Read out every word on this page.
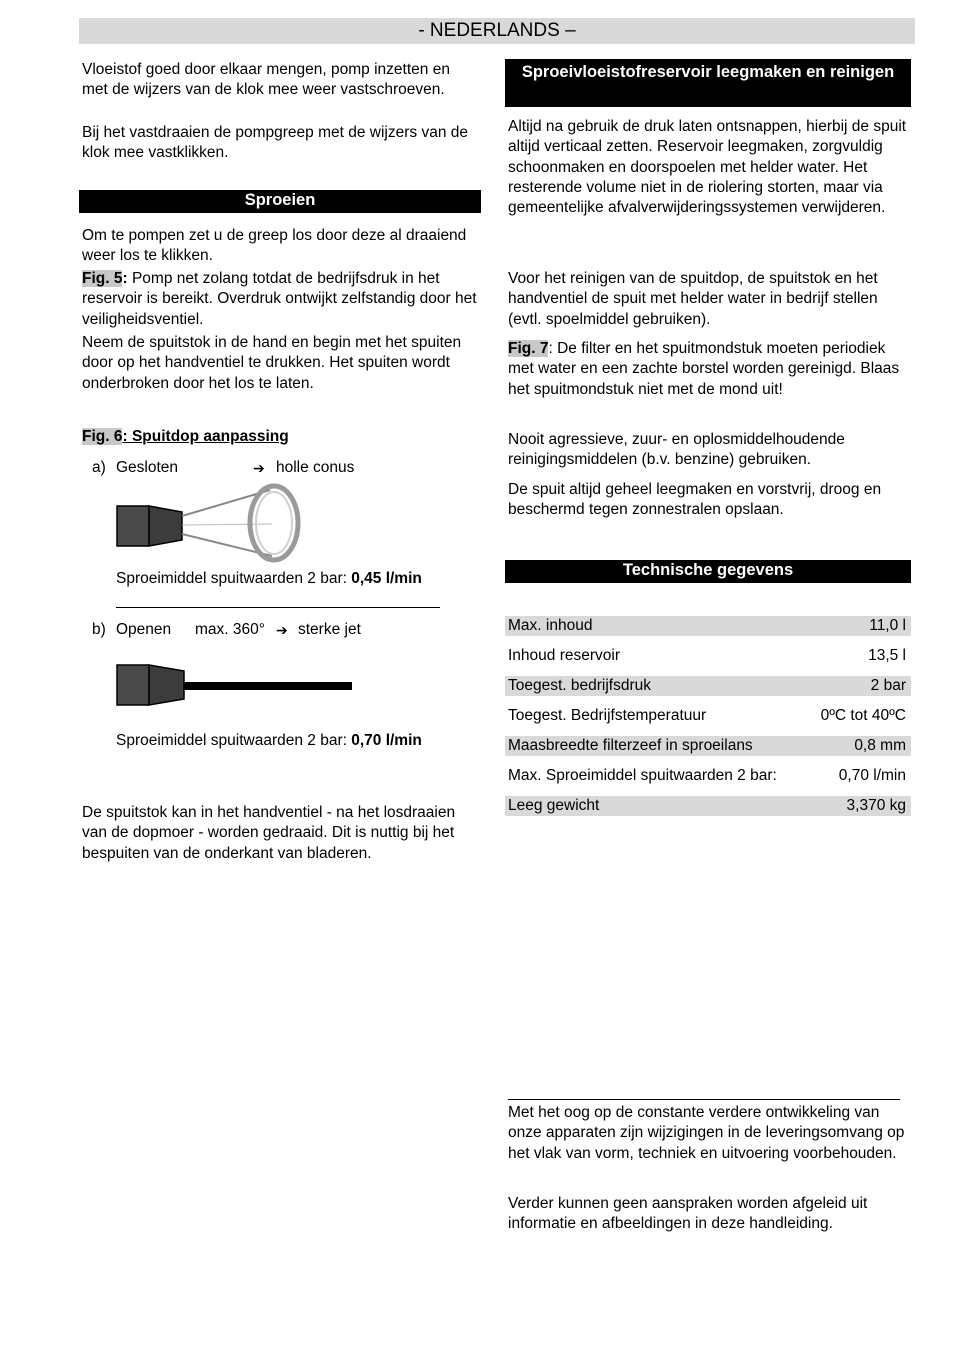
- NEDERLANDS –

Vloeistof goed door elkaar mengen, pomp inzetten en met de wijzers van de klok mee weer vastschroeven.

Bij het vastdraaien de pompgreep met de wijzers van de klok mee vastklikken.

Sproeien

Om te pompen zet u de greep los door deze al draaiend weer los te klikken.

Fig. 5: Pomp net zolang totdat de bedrijfsdruk in het reservoir is bereikt. Overdruk ontwijkt zelfstandig door het veiligheidsventiel.

Neem de spuitstok in de hand en begin met het spuiten door op het handventiel te drukken. Het spuiten wordt onderbroken door het los te laten.

Fig. 6: Spuitdop aanpassing

a) Gesloten	➔ holle conus

Sproeimiddel spuitwaarden 2 bar: 0,45 l/min

b) Openen max. 360° ➔ sterke jet

Sproeimiddel spuitwaarden 2 bar: 0,70 l/min

De spuitstok kan in het handventiel - na het losdraaien van de dopmoer - worden gedraaid. Dit is nuttig bij het bespuiten van de onderkant van bladeren.

Sproeivloeistofreservoir leegmaken en reinigen

Altijd na gebruik de druk laten ontsnappen, hierbij de spuit altijd verticaal zetten. Reservoir leegmaken, zorgvuldig schoonmaken en doorspoelen met helder water. Het resterende volume niet in de riolering storten, maar via gemeentelijke afvalverwijderingssystemen verwijderen.

Voor het reinigen van de spuitdop, de spuitstok en het handventiel de spuit met helder water in bedrijf stellen (evtl. spoelmiddel gebruiken).

Fig. 7: De filter en het spuitmondstuk moeten periodiek met water en een zachte borstel worden gereinigd. Blaas het spuitmondstuk niet met de mond uit!

Nooit agressieve, zuur- en oplosmiddelhoudende reinigingsmiddelen (b.v. benzine) gebruiken.

De spuit altijd geheel leegmaken en vorstvrij, droog en beschermd tegen zonnestralen opslaan.

Technische gegevens
Max. inhoud	11,0 l
Inhoud reservoir	13,5 l
Toegest. bedrijfsdruk	2 bar
Toegest. Bedrijfstemperatuur	0ºC tot 40ºC
Maasbreedte filterzeef in sproeilans	0,8 mm
Max. Sproeimiddel spuitwaarden 2 bar:	0,70 l/min
Leeg gewicht	3,370 kg

Met het oog op de constante verdere ontwikkeling van onze apparaten zijn wijzigingen in de leveringsomvang op het vlak van vorm, techniek en uitvoering voorbehouden.

Verder kunnen geen aanspraken worden afgeleid uit informatie en afbeeldingen in deze handleiding.
